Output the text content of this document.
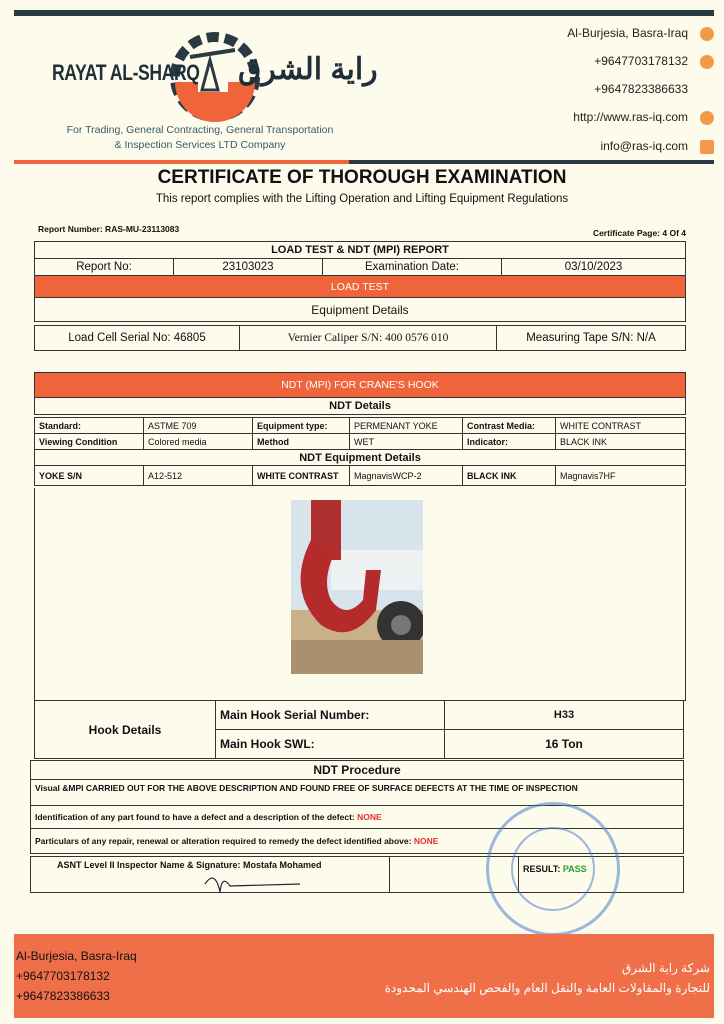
RAYAT AL-SHARQ راية الشرق
For Trading, General Contracting, General Transportation
& Inspection Services LTD Company
Al-Burjesia, Basra-Iraq
+9647703178132
+9647823386633
http://www.ras-iq.com
info@ras-iq.com
CERTIFICATE OF THOROUGH EXAMINATION
This report complies with the Lifting Operation and Lifting Equipment Regulations
Report Number: RAS-MU-23113083	Certificate Page: 4 Of 4
LOAD TEST & NDT (MPI) REPORT
Report No:	23103023	Examination Date:	03/10/2023
LOAD TEST
Equipment Details
Load Cell Serial No: 46805	Vernier Caliper S/N: 400 0576 010	Measuring Tape S/N: N/A
NDT (MPI) FOR CRANE'S HOOK
NDT Details
Standard:	ASTME 709	Equipment type:	PERMENANT YOKE	Contrast Media:	WHITE CONTRAST
Viewing Condition	Colored media	Method	WET	Indicator:	BLACK INK
NDT Equipment Details					
YOKE S/N	A12-512	WHITE CONTRAST	MagnavisWCP-2	BLACK INK	Magnavis7HF
Hook Details	Main Hook Serial Number:	H33
	Main Hook SWL:	16 Ton
NDT Procedure
Visual &MPI CARRIED OUT FOR THE ABOVE DESCRIPTION AND FOUND FREE OF SURFACE DEFECTS AT THE TIME OF INSPECTION
Identification of any part found to have a defect and a description of the defect: NONE
Particulars of any repair, renewal or alteration required to remedy the defect identified above: NONE
ASNT Level II Inspector Name & Signature: Mostafa Mohamed		RESULT: PASS
Al-Burjesia, Basra-Iraq
+9647703178132
+9647823386633
شركة راية الشرق
للتجارة والمقاولات العامة والنقل العام والفحص الهندسي المحدودة
